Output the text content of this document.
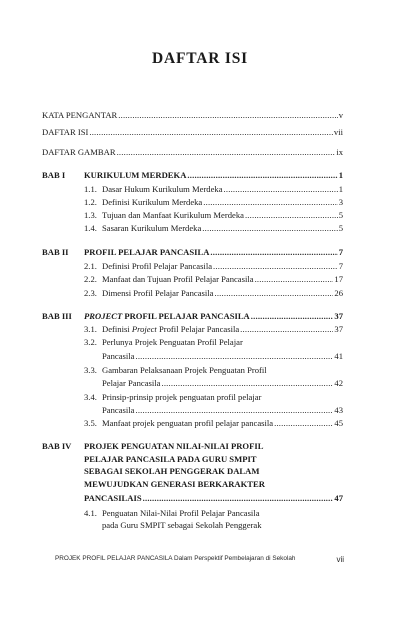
DAFTAR ISI
KATA PENGANTAR .....	v
DAFTAR ISI .....	vii
DAFTAR GAMBAR .....	ix
BAB I KURIKULUM MERDEKA .....	1
1.1. Dasar Hukum Kurikulum Merdeka .....	1
1.2. Definisi Kurikulum Merdeka .....	3
1.3. Tujuan dan Manfaat Kurikulum Merdeka .....	5
1.4. Sasaran Kurikulum Merdeka .....	5
BAB II PROFIL PELAJAR PANCASILA .....	7
2.1. Definisi Profil Pelajar Pancasila .....	7
2.2. Manfaat dan Tujuan Profil Pelajar Pancasila .....	17
2.3. Dimensi Profil Pelajar Pancasila .....	26
BAB III PROJECT PROFIL PELAJAR PANCASILA .....	37
3.1. Definisi Project Profil Pelajar Pancasila .....	37
3.2. Perlunya Projek Penguatan Profil Pelajar
Pancasila .....	41
3.3. Gambaran Pelaksanaan Projek Penguatan Profil
Pelajar Pancasila .....	42
3.4. Prinsip-prinsip projek penguatan profil pelajar
Pancasila .....	43
3.5. Manfaat projek penguatan profil pelajar pancasila .....	45
BAB IV PROJEK PENGUATAN NILAI-NILAI PROFIL
PELAJAR PANCASILA PADA GURU SMPIT
SEBAGAI SEKOLAH PENGGERAK DALAM
MEWUJUDKAN GENERASI BERKARAKTER
PANCASILAIS .....	47
4.1. Penguatan Nilai-Nilai Profil Pelajar Pancasila
pada Guru SMPIT sebagai Sekolah Penggerak
PROJEK PROFIL PELAJAR PANCASILA Dalam Perspektif Pembelajaran di Sekolah	vii
